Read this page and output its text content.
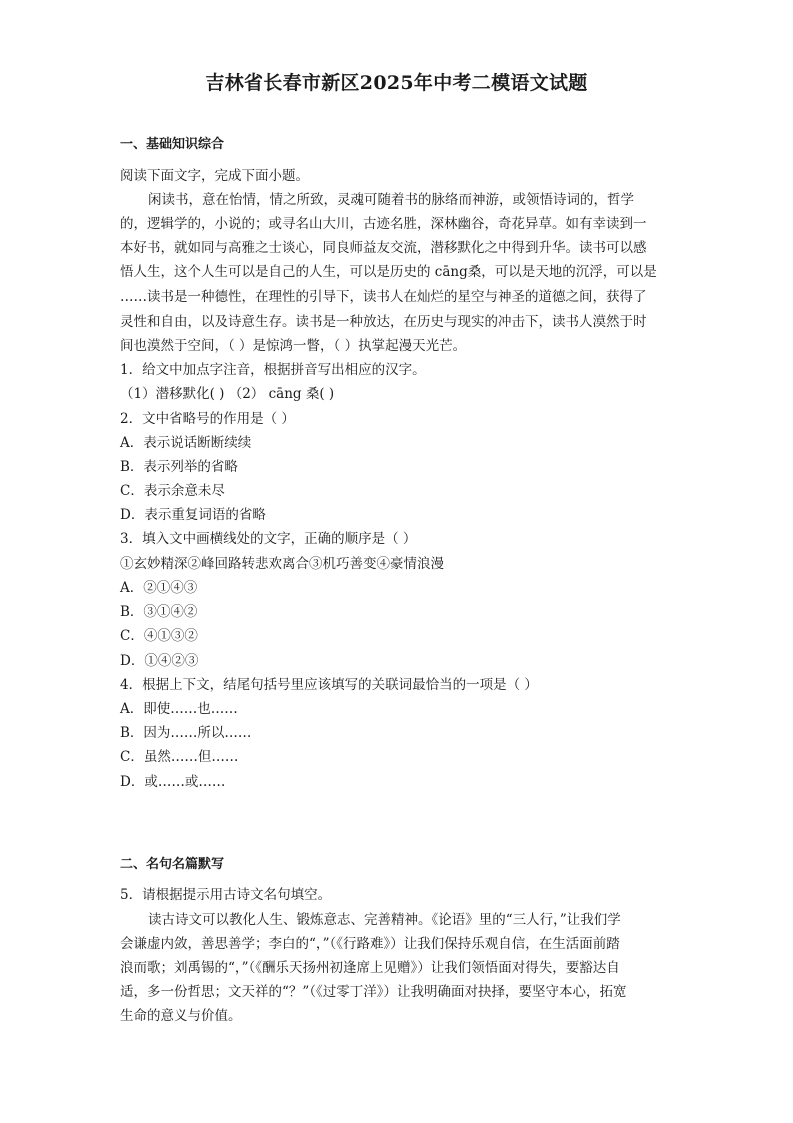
吉林省长春市新区2025年中考二模语文试题
一、基础知识综合
阅读下面文字，完成下面小题。
闲读书，意在怡情，情之所致，灵魂可随着书的脉络而神游，或领悟诗词的，哲学
的，逻辑学的，小说的；或寻名山大川，古迹名胜，深林幽谷，奇花异草。如有幸读到一
本好书，就如同与高雅之士谈心，同良师益友交流，潜移默化之中得到升华。读书可以感
悟人生，这个人生可以是自己的人生，可以是历史的 cāng桑，可以是天地的沉浮，可以是
……读书是一种德性，在理性的引导下，读书人在灿烂的星空与神圣的道德之间，获得了
灵性和自由，以及诗意生存。读书是一种放达，在历史与现实的冲击下，读书人漠然于时
间也漠然于空间，（ ）是惊鸿一瞥，（ ）执掌起漫天光芒。
1．给文中加点字注音，根据拼音写出相应的汉字。
（1）潜移默化( ) （2） cāng 桑( )
2．文中省略号的作用是（ ）
A．表示说话断断续续
B．表示列举的省略
C．表示余意未尽
D．表示重复词语的省略
3．填入文中画横线处的文字，正确的顺序是（ ）
①玄妙精深②峰回路转悲欢离合③机巧善变④豪情浪漫
A．②①④③
B．③①④②
C．④①③②
D．①④②③
4．根据上下文，结尾句括号里应该填写的关联词最恰当的一项是（ ）
A．即使……也……
B．因为……所以……
C．虽然……但……
D．或……或……
二、名句名篇默写
5．请根据提示用古诗文名句填空。
读古诗文可以教化人生、锻炼意志、完善精神。《论语》里的“三人行，”让我们学
会谦虚内敛，善思善学；李白的“，”（《行路难》）让我们保持乐观自信，在生活面前踏
浪而歌；刘禹锡的“，”（《酬乐天扬州初逢席上见赠》）让我们领悟面对得失，要豁达自
适，多一份哲思；文天祥的“？”（《过零丁洋》）让我明确面对抉择，要坚守本心，拓宽
生命的意义与价值。
